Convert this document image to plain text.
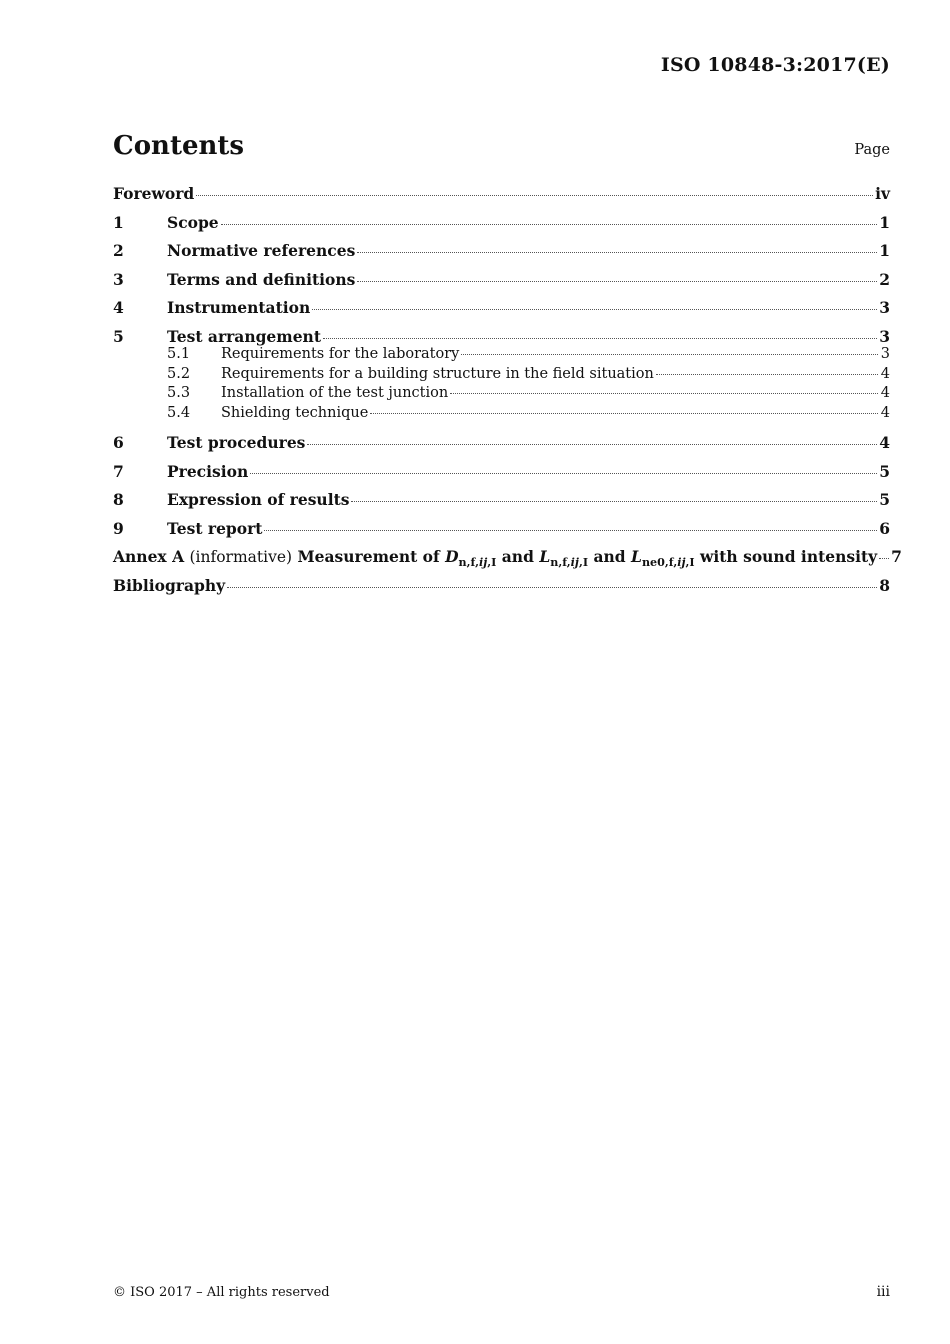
ISO 10848-3:2017(E)
Contents	Page
Foreword	iv
1	Scope	1
2	Normative references	1
3	Terms and definitions	2
4	Instrumentation	3
5	Test arrangement	3
5.1	Requirements for the laboratory	3
5.2	Requirements for a building structure in the field situation	4
5.3	Installation of the test junction	4
5.4	Shielding technique	4
6	Test procedures	4
7	Precision	5
8	Expression of results	5
9	Test report	6
Annex A (informative) Measurement of $D_{n,f,ij,I}$ and $L_{n,f,ij,I}$ and $L_{ne0,f,ij,I}$ with sound intensity 7
Bibliography	8
© ISO 2017 – All rights reserved	iii
